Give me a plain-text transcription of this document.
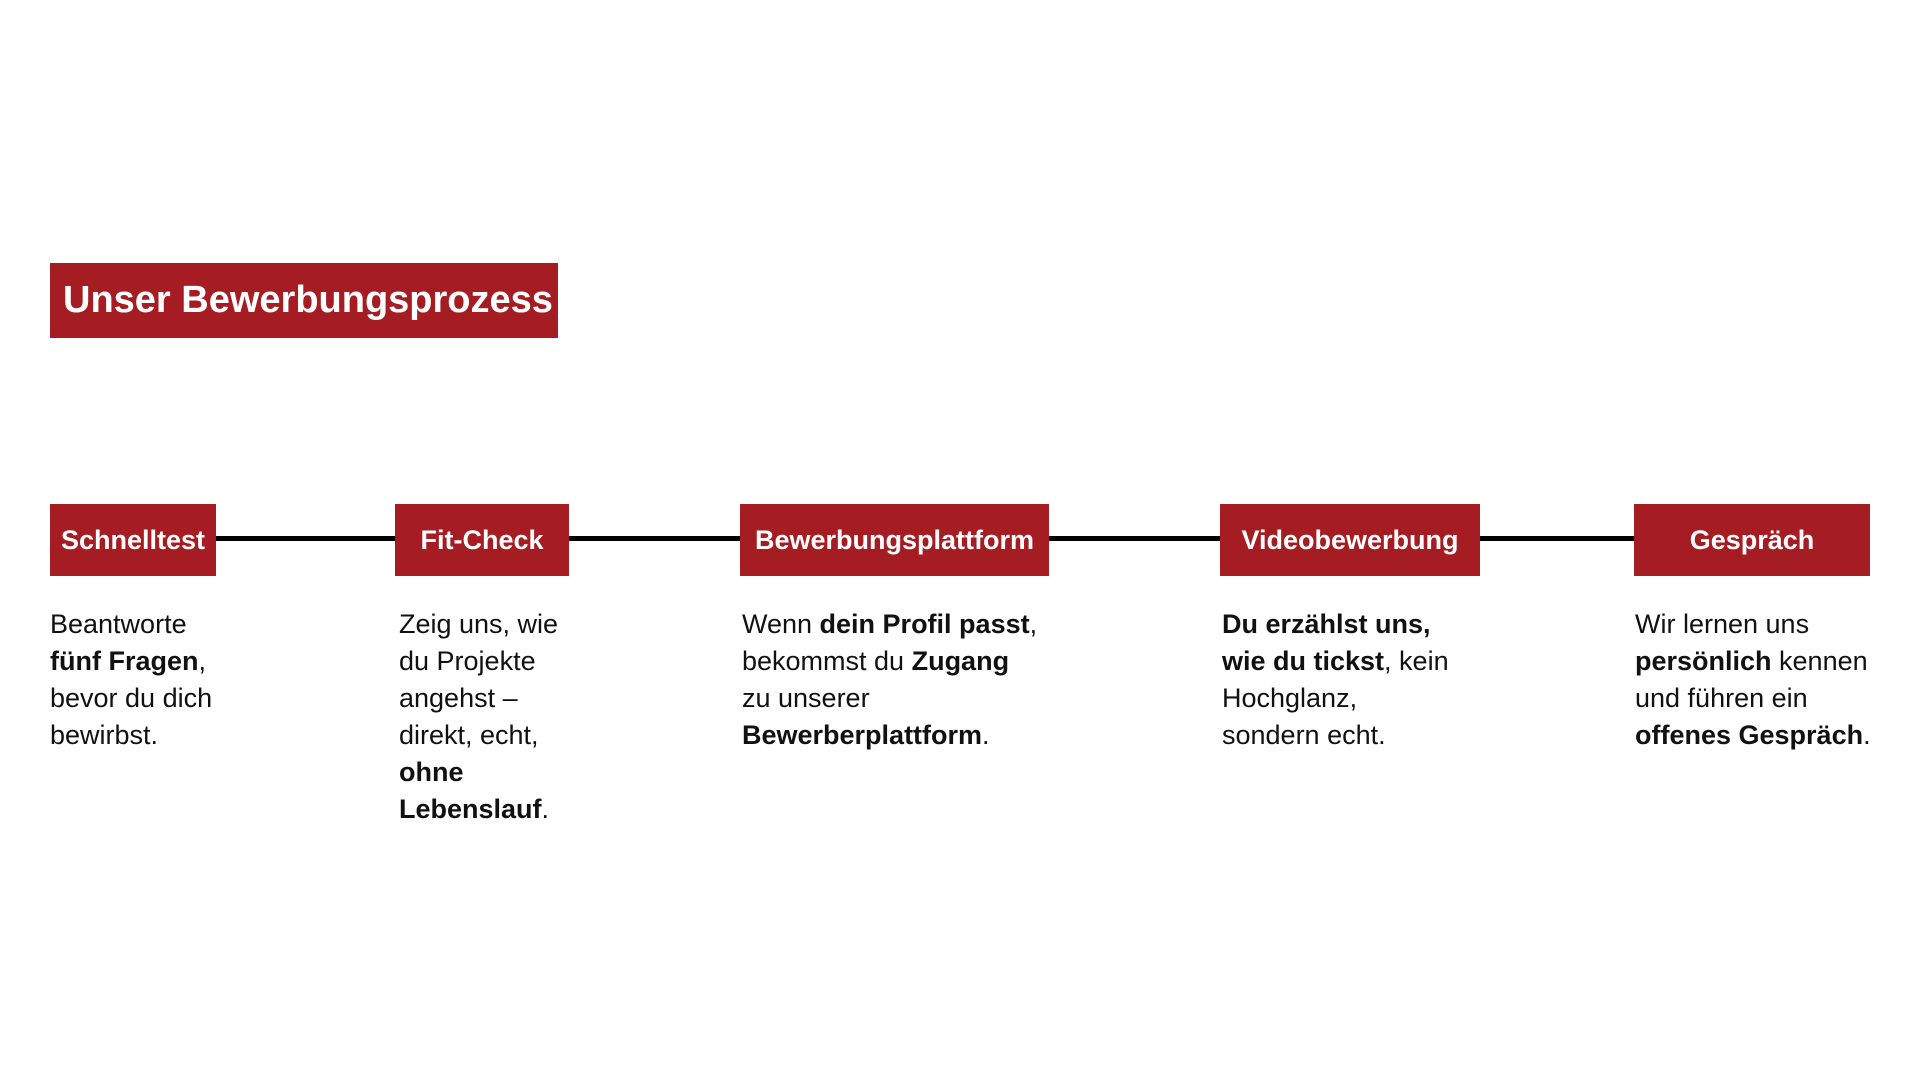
Unser Bewerbungsprozess
Schnelltest	Fit-Check	Bewerbungsplattform	Videobewerbung	Gespräch
Beantworte
fünf Fragen,
bevor du dich
bewirbst.
Zeig uns, wie
du Projekte
angehst –
direkt, echt,
ohne
Lebenslauf.
Wenn dein Profil passt,
bekommst du Zugang
zu unserer
Bewerberplattform.
Du erzählst uns,
wie du tickst, kein
Hochglanz,
sondern echt.
Wir lernen uns
persönlich kennen
und führen ein
offenes Gespräch.
